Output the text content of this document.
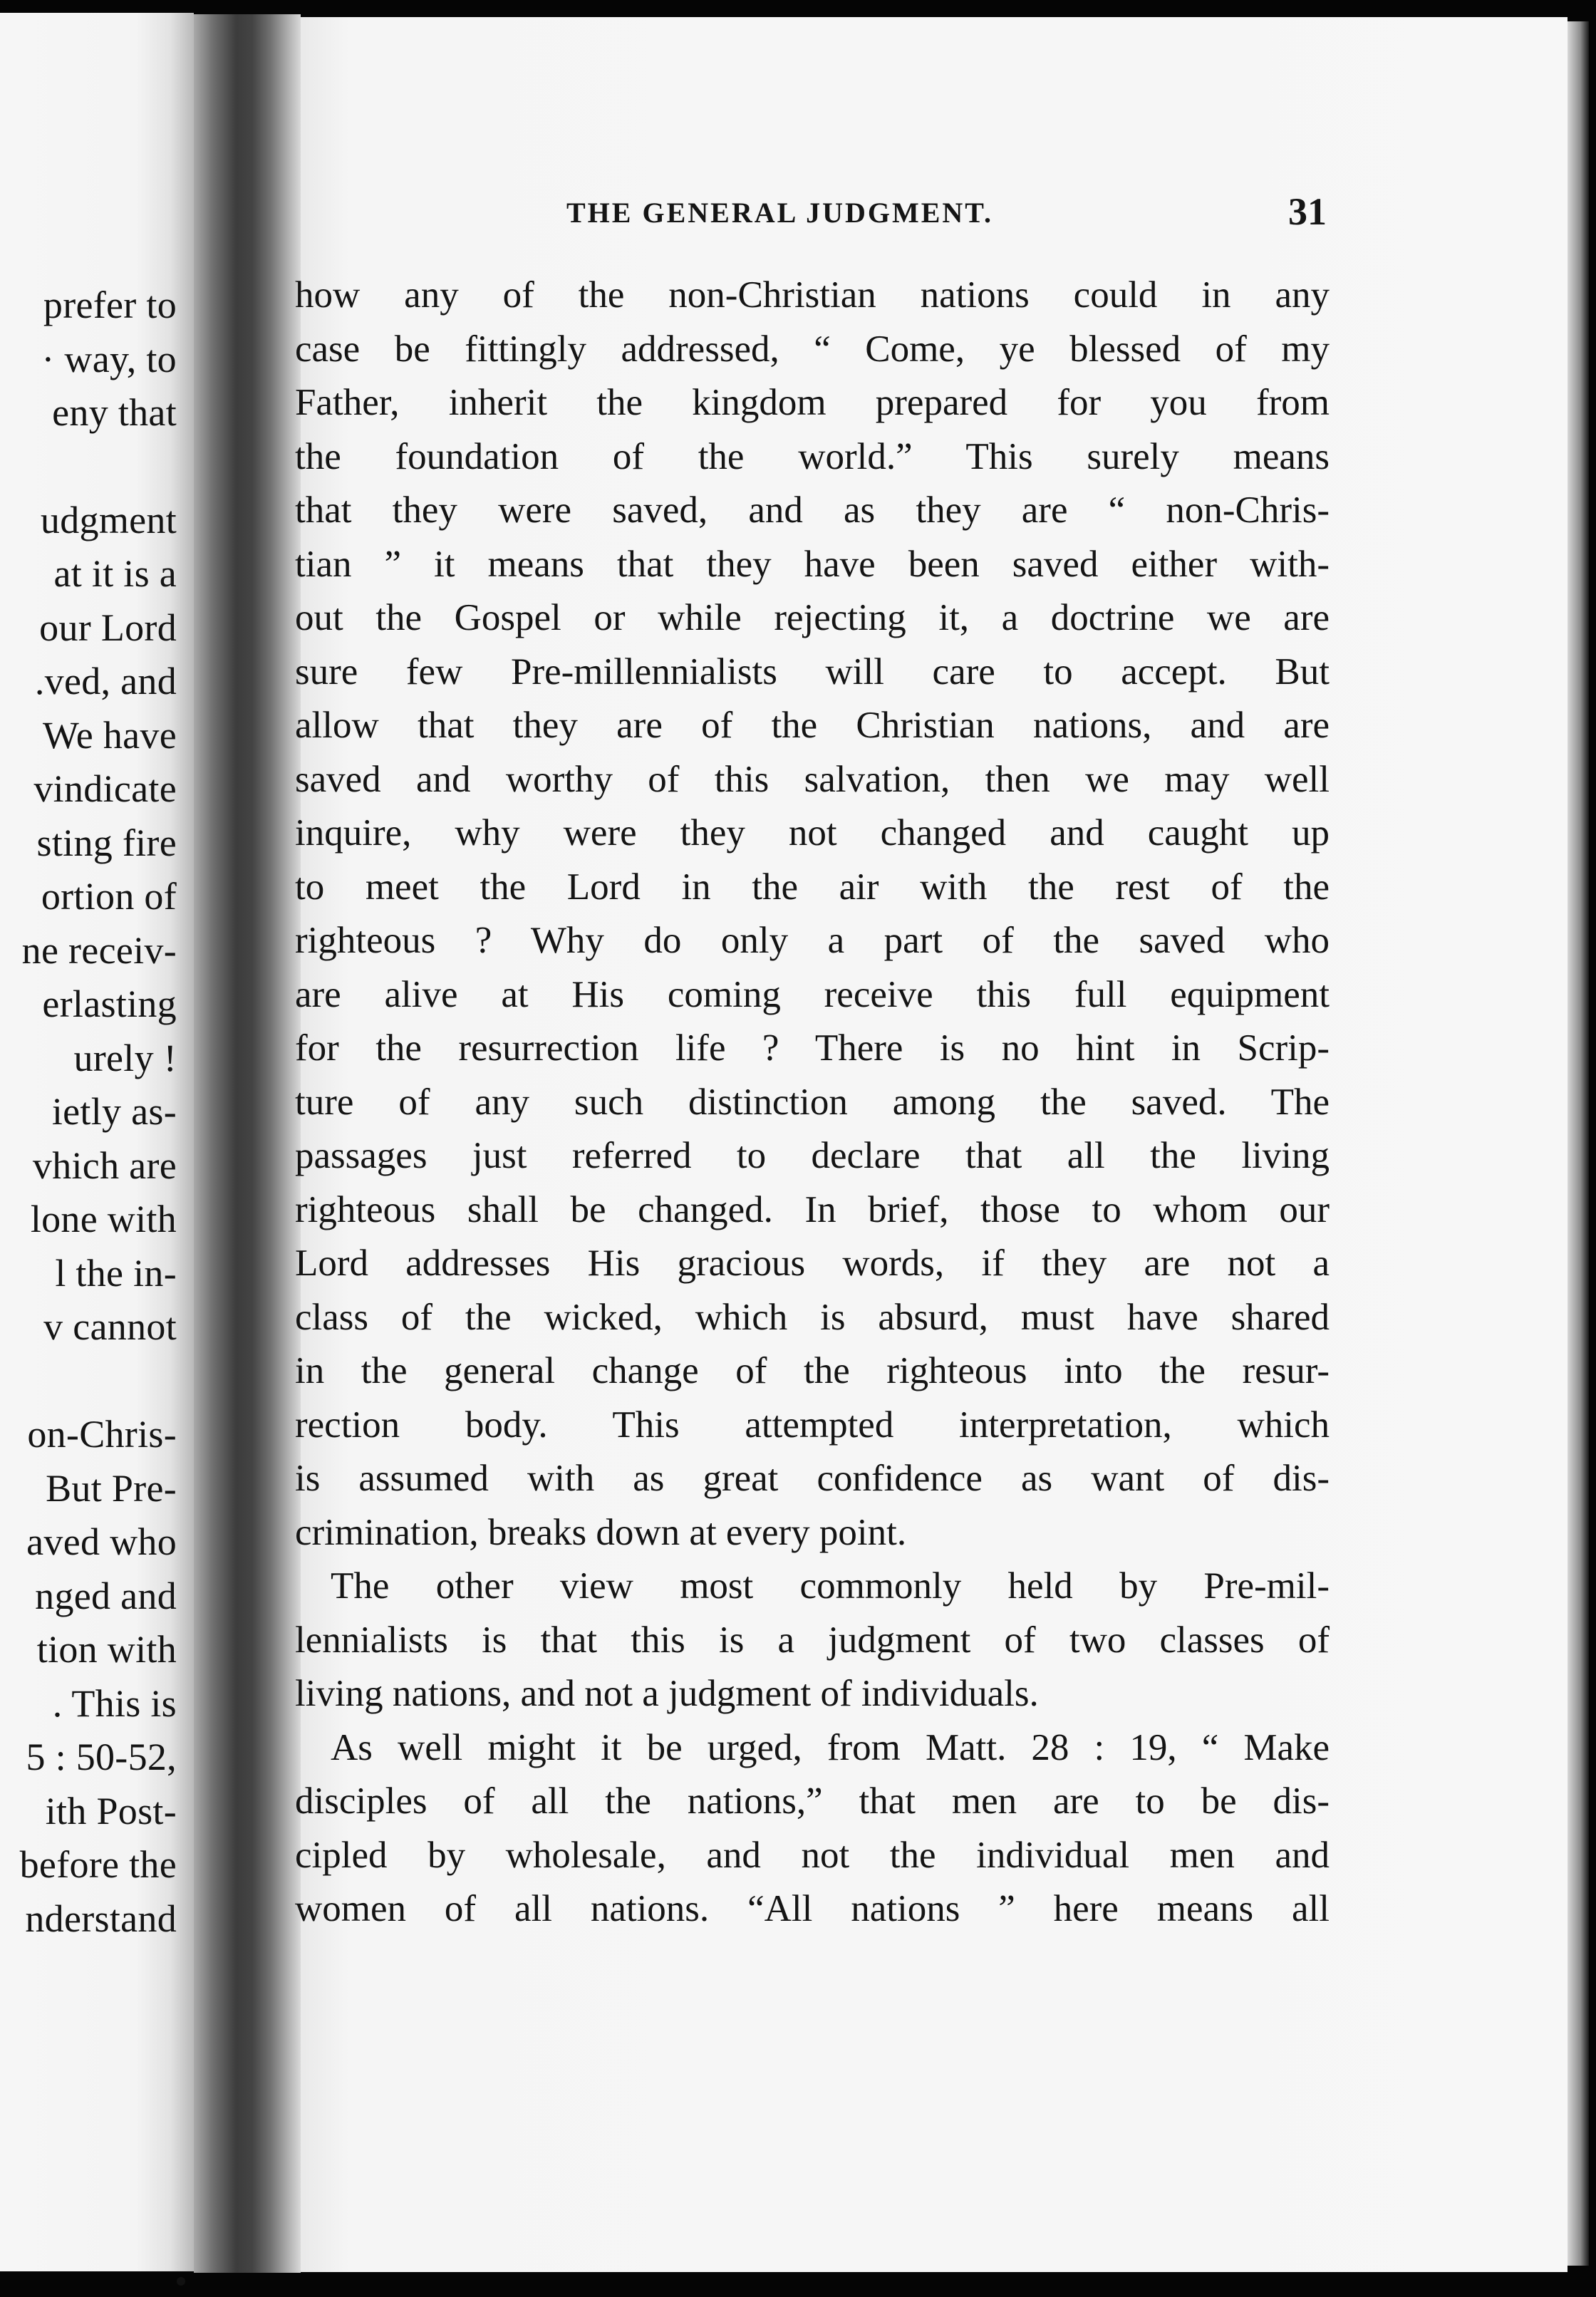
prefer to
· way, to
eny that
udgment
at it is a
our Lord
.ved, and
We have
vindicate
sting fire
ortion of
ne receiv-
erlasting
urely !
ietly as-
vhich are
lone with
l the in-
v cannot
on-Chris-
But Pre-
aved who
nged and
tion with
. This is
5 : 50-52,
ith Post-
before the
nderstand
THE GENERAL JUDGMENT.	31
how any of the non-Christian nations could in any
case be fittingly addressed, “ Come, ye blessed of my
Father, inherit the kingdom prepared for you from
the foundation of the world.” This surely means
that they were saved, and as they are “ non-Chris-
tian ” it means that they have been saved either with-
out the Gospel or while rejecting it, a doctrine we are
sure few Pre-millennialists will care to accept. But
allow that they are of the Christian nations, and are
saved and worthy of this salvation, then we may well
inquire, why were they not changed and caught up
to meet the Lord in the air with the rest of the
righteous ? Why do only a part of the saved who
are alive at His coming receive this full equipment
for the resurrection life ? There is no hint in Scrip-
ture of any such distinction among the saved. The
passages just referred to declare that all the living
righteous shall be changed. In brief, those to whom our
Lord addresses His gracious words, if they are not a
class of the wicked, which is absurd, must have shared
in the general change of the righteous into the resur-
rection body. This attempted interpretation, which
is assumed with as great confidence as want of dis-
crimination, breaks down at every point.
The other view most commonly held by Pre-mil-
lennialists is that this is a judgment of two classes of
living nations, and not a judgment of individuals.
As well might it be urged, from Matt. 28 : 19, “ Make
disciples of all the nations,” that men are to be dis-
cipled by wholesale, and not the individual men and
women of all nations. “All nations ” here means all
